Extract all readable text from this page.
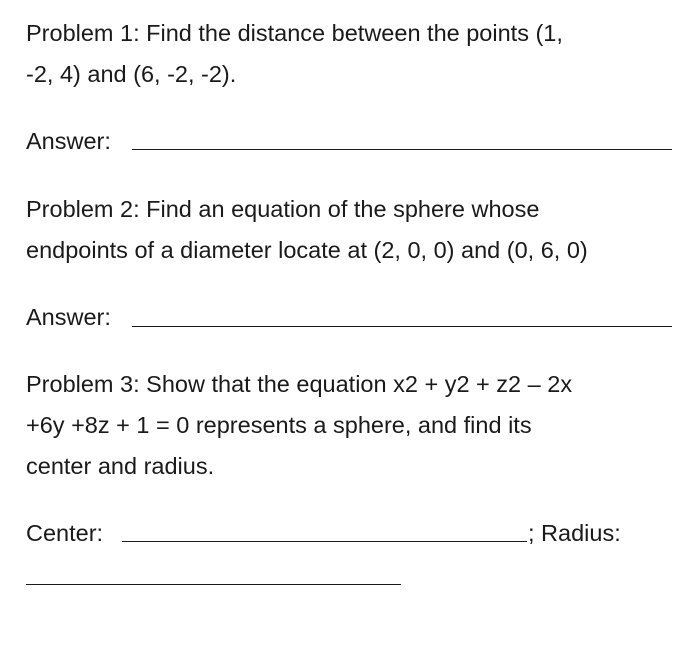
Problem 1: Find the distance between the points (1,
-2, 4) and (6, -2, -2).
Answer:
Problem 2: Find an equation of the sphere whose
endpoints of a diameter locate at (2, 0, 0) and (0, 6, 0)
Answer:
Problem 3: Show that the equation x2 + y2 + z2 – 2x
+6y +8z + 1 = 0 represents a sphere, and find its
center and radius.
Center:	; Radius:
